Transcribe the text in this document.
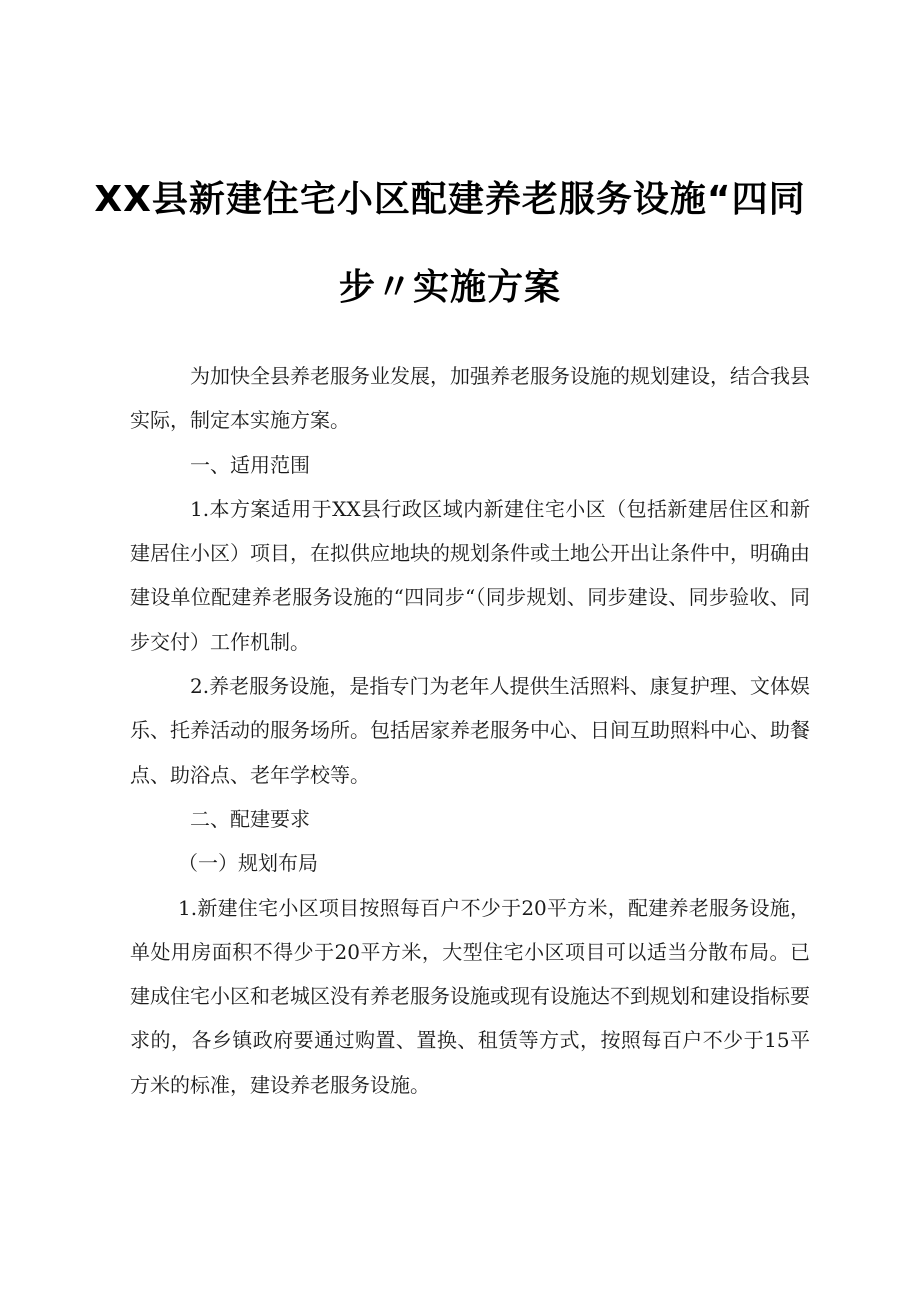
XX县新建住宅小区配建养老服务设施“四同
步〃实施方案

为加快全县养老服务业发展，加强养老服务设施的规划建设，结合我县实际，制定本实施方案。

一、适用范围

1.本方案适用于XX县行政区域内新建住宅小区（包括新建居住区和新建居住小区）项目，在拟供应地块的规划条件或土地公开出让条件中，明确由建设单位配建养老服务设施的“四同步“（同步规划、同步建设、同步验收、同步交付）工作机制。

2.养老服务设施，是指专门为老年人提供生活照料、康复护理、文体娱乐、托养活动的服务场所。包括居家养老服务中心、日间互助照料中心、助餐点、助浴点、老年学校等。

二、配建要求

（一）规划布局

1.新建住宅小区项目按照每百户不少于20平方米，配建养老服务设施，单处用房面积不得少于20平方米，大型住宅小区项目可以适当分散布局。已建成住宅小区和老城区没有养老服务设施或现有设施达不到规划和建设指标要求的，各乡镇政府要通过购置、置换、租赁等方式，按照每百户不少于15平方米的标准，建设养老服务设施。
